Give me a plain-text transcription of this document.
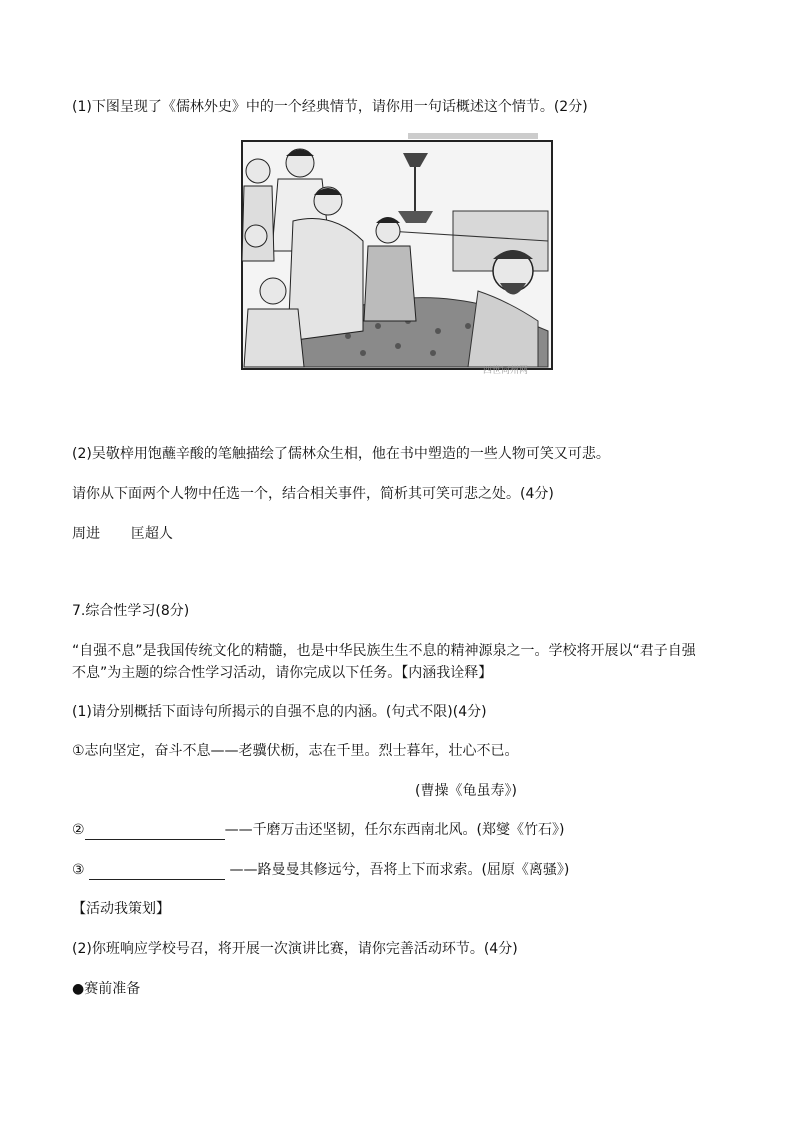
(1)下图呈现了《儒林外史》中的一个经典情节，请你用一句话概述这个情节。(2分)
四世同州网
(2)吴敬梓用饱蘸辛酸的笔触描绘了儒林众生相，他在书中塑造的一些人物可笑又可悲。
请你从下面两个人物中任选一个，结合相关事件，简析其可笑可悲之处。(4分)
周进 匡超人
7.综合性学习(8分)
“自强不息”是我国传统文化的精髓，也是中华民族生生不息的精神源泉之一。学校将开展以“君子自强
不息”为主题的综合性学习活动，请你完成以下任务。【内涵我诠释】
(1)请分别概括下面诗句所揭示的自强不息的内涵。(句式不限)(4分)
①志向坚定，奋斗不息——老骥伏枥，志在千里。烈士暮年，壮心不已。
(曹操《龟虽寿》)
②	——千磨万击还坚韧，任尔东西南北风。(郑燮《竹石》)
③	——路曼曼其修远兮，吾将上下而求索。(屈原《离骚》)
【活动我策划】
(2)你班响应学校号召，将开展一次演讲比赛，请你完善活动环节。(4分)
●赛前准备
